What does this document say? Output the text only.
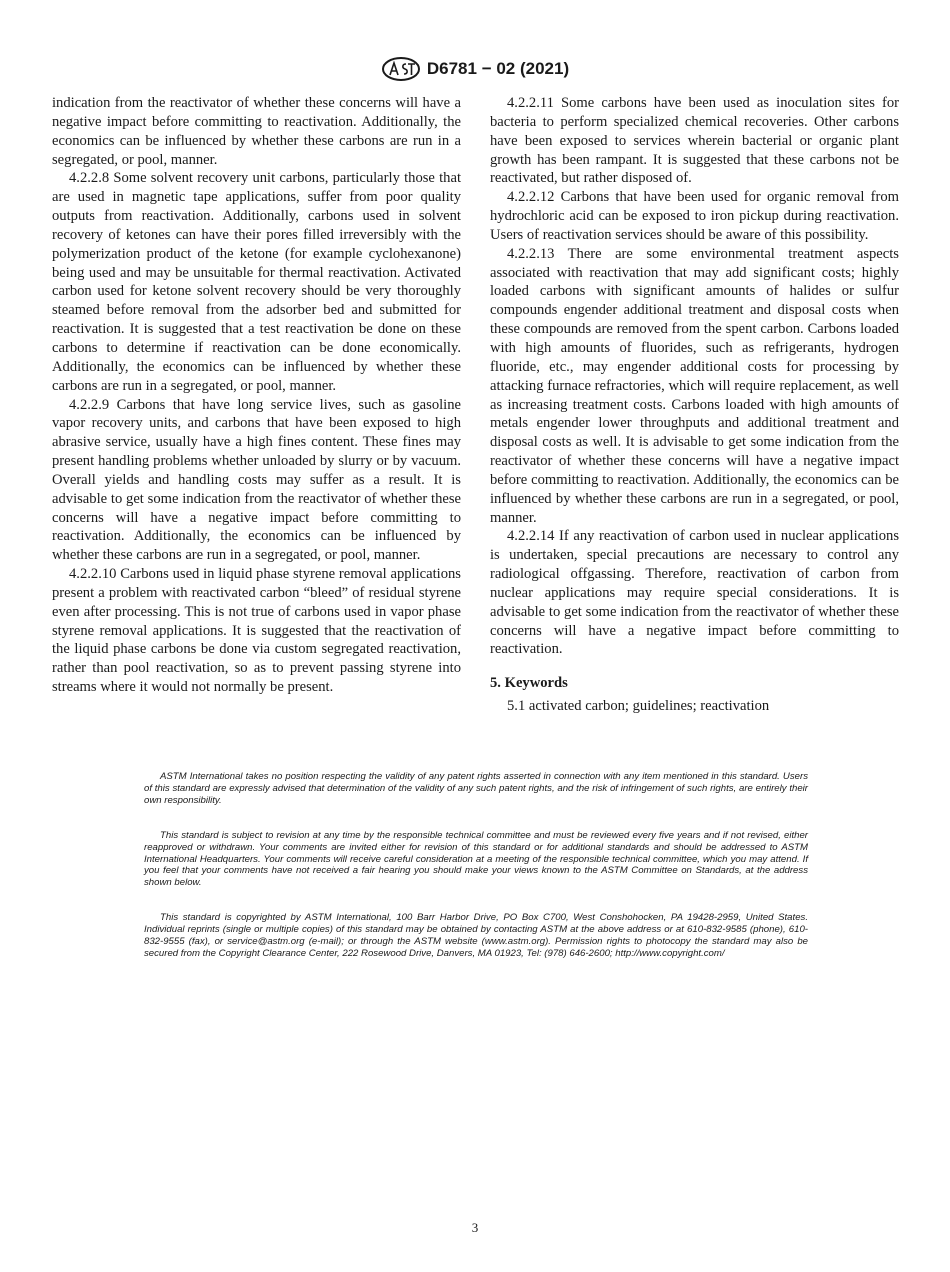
D6781 − 02 (2021)

indication from the reactivator of whether these concerns will have a negative impact before committing to reactivation. Additionally, the economics can be influenced by whether these carbons are run in a segregated, or pool, manner.

4.2.2.8 Some solvent recovery unit carbons, particularly those that are used in magnetic tape applications, suffer from poor quality outputs from reactivation. Additionally, carbons used in solvent recovery of ketones can have their pores filled irreversibly with the polymerization product of the ketone (for example cyclohexanone) being used and may be unsuitable for thermal reactivation. Activated carbon used for ketone solvent recovery should be very thoroughly steamed before removal from the adsorber bed and submitted for reactivation. It is suggested that a test reactivation be done on these carbons to determine if reactivation can be done economically. Additionally, the economics can be influenced by whether these carbons are run in a segregated, or pool, manner.

4.2.2.9 Carbons that have long service lives, such as gasoline vapor recovery units, and carbons that have been exposed to high abrasive service, usually have a high fines content. These fines may present handling problems whether unloaded by slurry or by vacuum. Overall yields and handling costs may suffer as a result. It is advisable to get some indication from the reactivator of whether these concerns will have a negative impact before committing to reactivation. Additionally, the economics can be influenced by whether these carbons are run in a segregated, or pool, manner.

4.2.2.10 Carbons used in liquid phase styrene removal applications present a problem with reactivated carbon “bleed” of residual styrene even after processing. This is not true of carbons used in vapor phase styrene removal applications. It is suggested that the reactivation of the liquid phase carbons be done via custom segregated reactivation, rather than pool reactivation, so as to prevent passing styrene into streams where it would not normally be present.

4.2.2.11 Some carbons have been used as inoculation sites for bacteria to perform specialized chemical recoveries. Other carbons have been exposed to services wherein bacterial or organic plant growth has been rampant. It is suggested that these carbons not be reactivated, but rather disposed of.

4.2.2.12 Carbons that have been used for organic removal from hydrochloric acid can be exposed to iron pickup during reactivation. Users of reactivation services should be aware of this possibility.

4.2.2.13 There are some environmental treatment aspects associated with reactivation that may add significant costs; highly loaded carbons with significant amounts of halides or sulfur compounds engender additional treatment and disposal costs when these compounds are removed from the spent carbon. Carbons loaded with high amounts of fluorides, such as refrigerants, hydrogen fluoride, etc., may engender additional costs for processing by attacking furnace refractories, which will require replacement, as well as increasing treatment costs. Carbons loaded with high amounts of metals engender lower throughputs and additional treatment and disposal costs as well. It is advisable to get some indication from the reactivator of whether these concerns will have a negative impact before committing to reactivation. Additionally, the economics can be influenced by whether these carbons are run in a segregated, or pool, manner.

4.2.2.14 If any reactivation of carbon used in nuclear applications is undertaken, special precautions are necessary to control any radiological offgassing. Therefore, reactivation of carbon from nuclear applications may require special considerations. It is advisable to get some indication from the reactivator of whether these concerns will have a negative impact before committing to reactivation.

5. Keywords

5.1 activated carbon; guidelines; reactivation

ASTM International takes no position respecting the validity of any patent rights asserted in connection with any item mentioned in this standard. Users of this standard are expressly advised that determination of the validity of any such patent rights, and the risk of infringement of such rights, are entirely their own responsibility.

This standard is subject to revision at any time by the responsible technical committee and must be reviewed every five years and if not revised, either reapproved or withdrawn. Your comments are invited either for revision of this standard or for additional standards and should be addressed to ASTM International Headquarters. Your comments will receive careful consideration at a meeting of the responsible technical committee, which you may attend. If you feel that your comments have not received a fair hearing you should make your views known to the ASTM Committee on Standards, at the address shown below.

This standard is copyrighted by ASTM International, 100 Barr Harbor Drive, PO Box C700, West Conshohocken, PA 19428-2959, United States. Individual reprints (single or multiple copies) of this standard may be obtained by contacting ASTM at the above address or at 610-832-9585 (phone), 610-832-9555 (fax), or service@astm.org (e-mail); or through the ASTM website (www.astm.org). Permission rights to photocopy the standard may also be secured from the Copyright Clearance Center, 222 Rosewood Drive, Danvers, MA 01923, Tel: (978) 646-2600; http://www.copyright.com/

3
